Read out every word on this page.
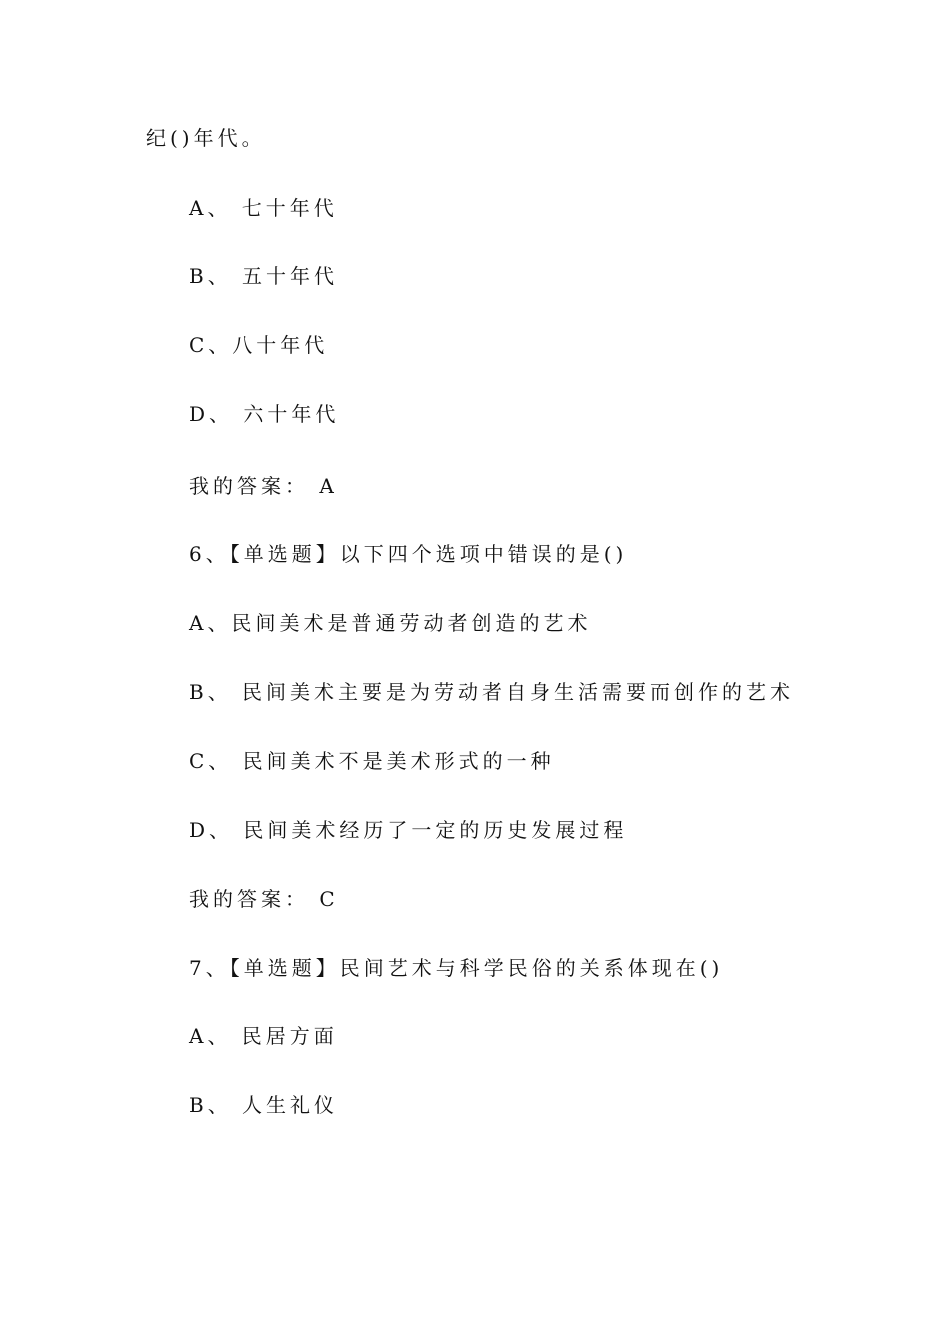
纪()年代。
A、 七十年代
B、 五十年代
C、八十年代
D、 六十年代
我的答案： A
6、【单选题】以下四个选项中错误的是()
A、民间美术是普通劳动者创造的艺术
B、 民间美术主要是为劳动者自身生活需要而创作的艺术
C、 民间美术不是美术形式的一种
D、 民间美术经历了一定的历史发展过程
我的答案： C
7、【单选题】民间艺术与科学民俗的关系体现在()
A、 民居方面
B、 人生礼仪
